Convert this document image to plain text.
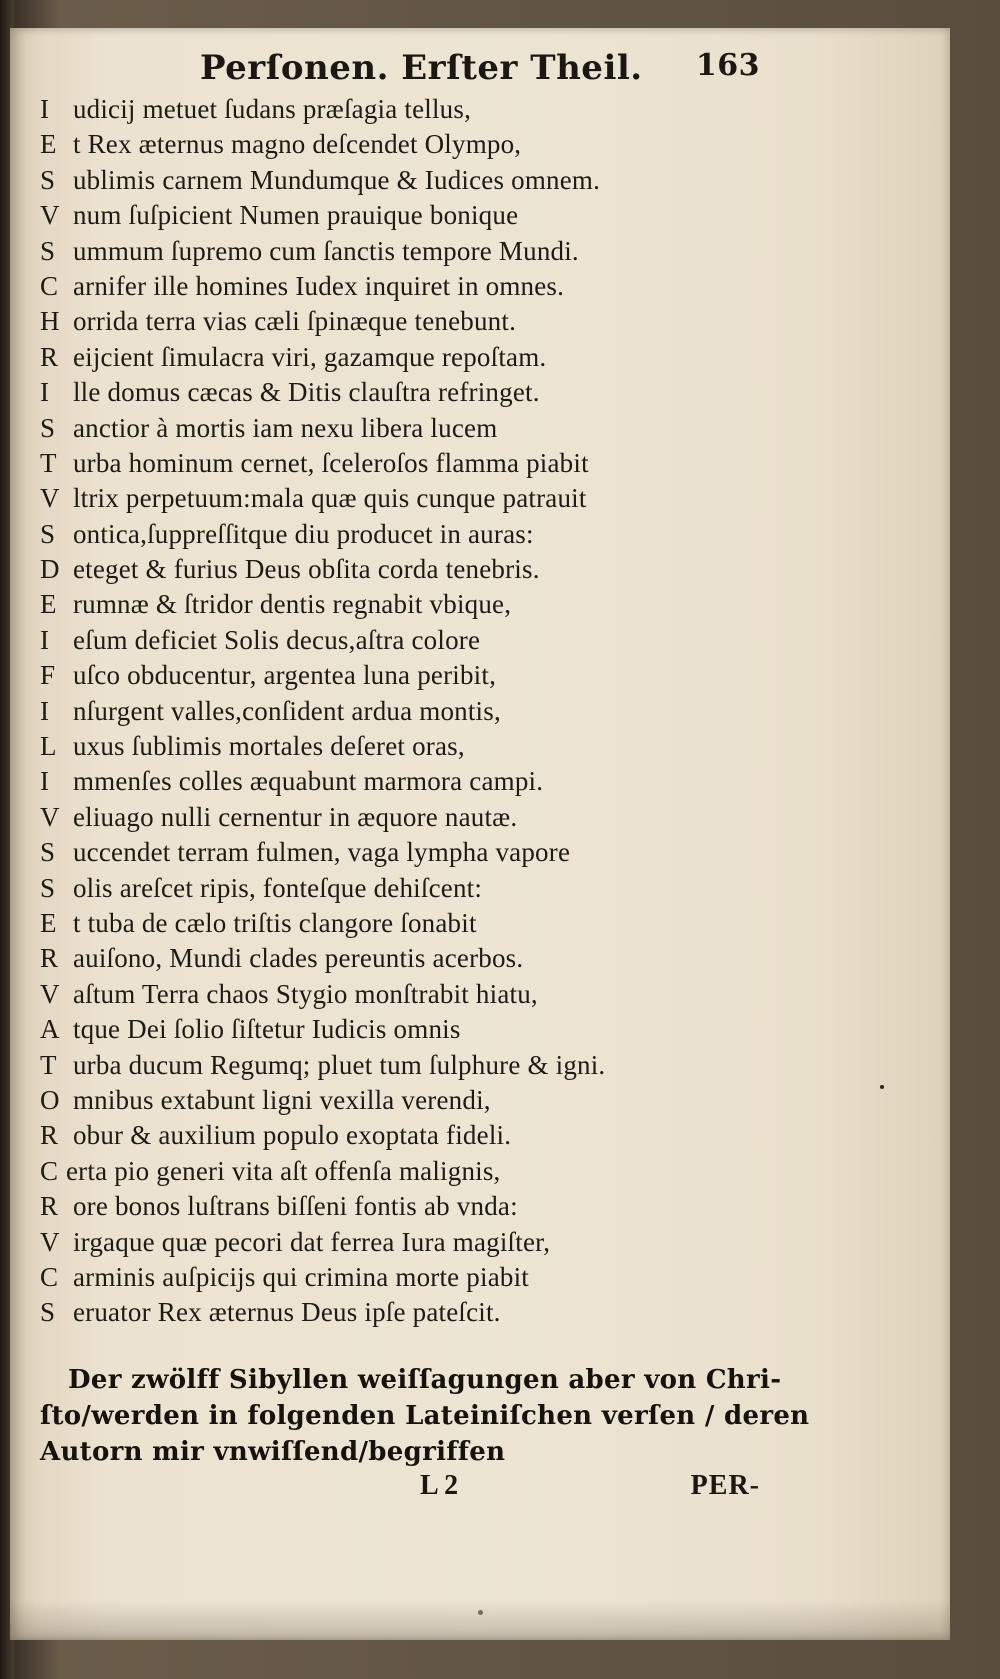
Perſonen. Erſter Theil. 163
I udicij metuet ſudans præſagia tellus,
E t Rex æternus magno deſcendet Olympo,
S ublimis carnem Mundumque & Iudices omnem.
V num ſuſpicient Numen prauique bonique
S ummum ſupremo cum ſanctis tempore Mundi.
C arnifer ille homines Iudex inquiret in omnes.
H orrida terra vias cæli ſpinæque tenebunt.
R eijcient ſimulacra viri, gazamque repoſtam.
I lle domus cæcas & Ditis clauſtra refringet.
S anctior à mortis iam nexu libera lucem
T urba hominum cernet, ſceleroſos flamma piabit
V ltrix perpetuum:mala quæ quis cunque patrauit
S ontica,ſuppreſſitque diu producet in auras:
D eteget & furius Deus obſita corda tenebris.
E rumnæ & ſtridor dentis regnabit vbique,
I eſum deficiet Solis decus,aſtra colore
F uſco obducentur, argentea luna peribit,
I nſurgent valles,conſident ardua montis,
L uxus ſublimis mortales deſeret oras,
I mmenſes colles æquabunt marmora campi.
V eliuago nulli cernentur in æquore nautæ.
S uccendet terram fulmen, vaga lympha vapore
S olis areſcet ripis, fonteſque dehiſcent:
E t tuba de cælo triſtis clangore ſonabit
R auiſono, Mundi clades pereuntis acerbos.
V aſtum Terra chaos Stygio monſtrabit hiatu,
A tque Dei ſolio ſiſtetur Iudicis omnis
T urba ducum Regumq; pluet tum ſulphure & igni.
O mnibus extabunt ligni vexilla verendi,
R obur & auxilium populo exoptata fideli.
C erta pio generi vita aſt offenſa malignis,
R ore bonos luſtrans biſſeni fontis ab vnda:
V irgaque quæ pecori dat ferrea Iura magiſter,
C arminis auſpicijs qui crimina morte piabit
S eruator Rex æternus Deus ipſe pateſcit.
Der zwölff Sibyllen weiſſagungen aber von Chri-
ſto/werden in folgenden Lateiniſchen verſen / deren
Autorn mir vnwiſſend/begriffen
L 2	PER-
